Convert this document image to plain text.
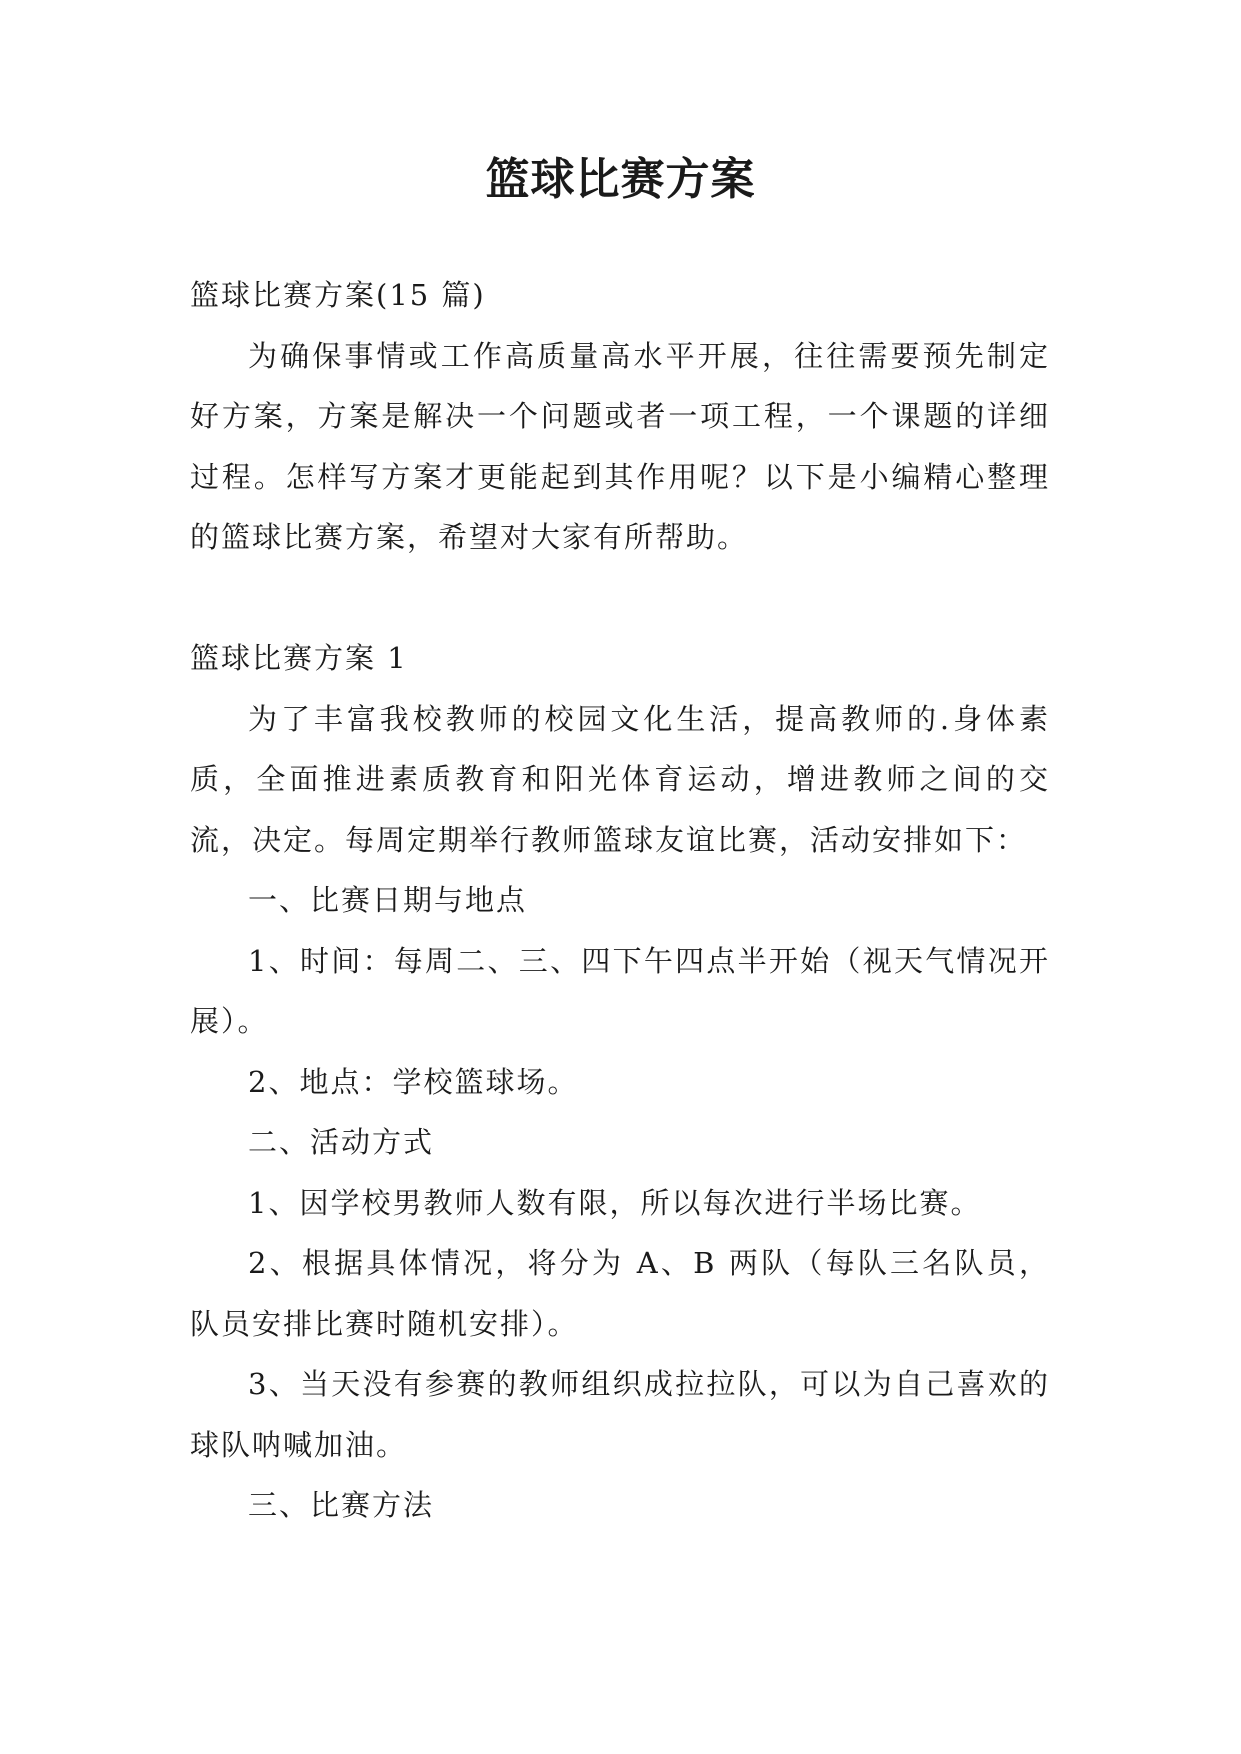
篮球比赛方案

篮球比赛方案(15 篇)

为确保事情或工作高质量高水平开展，往往需要预先制定好方案，方案是解决一个问题或者一项工程，一个课题的详细过程。怎样写方案才更能起到其作用呢？以下是小编精心整理的篮球比赛方案，希望对大家有所帮助。

篮球比赛方案 1

为了丰富我校教师的校园文化生活，提高教师的.身体素质，全面推进素质教育和阳光体育运动，增进教师之间的交流，决定。每周定期举行教师篮球友谊比赛，活动安排如下：

一、比赛日期与地点

1、时间：每周二、三、四下午四点半开始（视天气情况开展）。

2、地点：学校篮球场。

二、活动方式

1、因学校男教师人数有限，所以每次进行半场比赛。

2、根据具体情况，将分为 A、B 两队（每队三名队员，队员安排比赛时随机安排）。

3、当天没有参赛的教师组织成拉拉队，可以为自己喜欢的球队呐喊加油。

三、比赛方法
